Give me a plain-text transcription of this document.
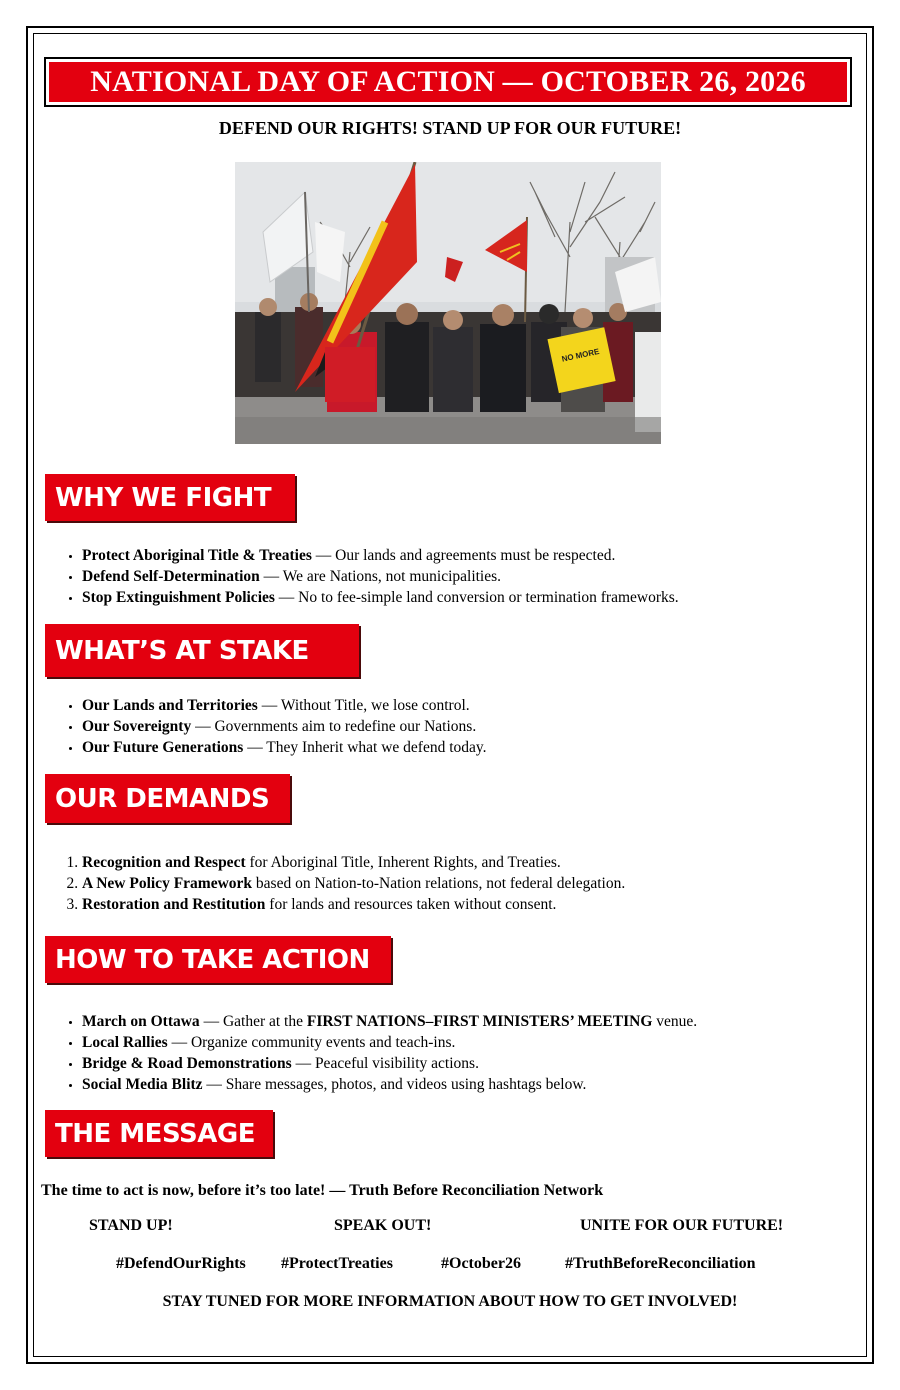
NATIONAL DAY OF ACTION — OCTOBER 26, 2026
DEFEND OUR RIGHTS! STAND UP FOR OUR FUTURE!
NO MORE
WHY WE FIGHT
• Protect Aboriginal Title & Treaties — Our lands and agreements must be respected.
• Defend Self-Determination — We are Nations, not municipalities.
• Stop Extinguishment Policies — No to fee-simple land conversion or termination frameworks.
WHAT’S AT STAKE
• Our Lands and Territories — Without Title, we lose control.
• Our Sovereignty — Governments aim to redefine our Nations.
• Our Future Generations — They Inherit what we defend today.
OUR DEMANDS
1. Recognition and Respect for Aboriginal Title, Inherent Rights, and Treaties.
2. A New Policy Framework based on Nation-to-Nation relations, not federal delegation.
3. Restoration and Restitution for lands and resources taken without consent.
HOW TO TAKE ACTION
• March on Ottawa — Gather at the FIRST NATIONS–FIRST MINISTERS’ MEETING venue.
• Local Rallies — Organize community events and teach-ins.
• Bridge & Road Demonstrations — Peaceful visibility actions.
• Social Media Blitz — Share messages, photos, and videos using hashtags below.
THE MESSAGE
The time to act is now, before it’s too late! — Truth Before Reconciliation Network
STAND UP!	SPEAK OUT!	UNITE FOR OUR FUTURE!
#DefendOurRights #ProtectTreaties	#October26	#TruthBeforeReconciliation
STAY TUNED FOR MORE INFORMATION ABOUT HOW TO GET INVOLVED!
